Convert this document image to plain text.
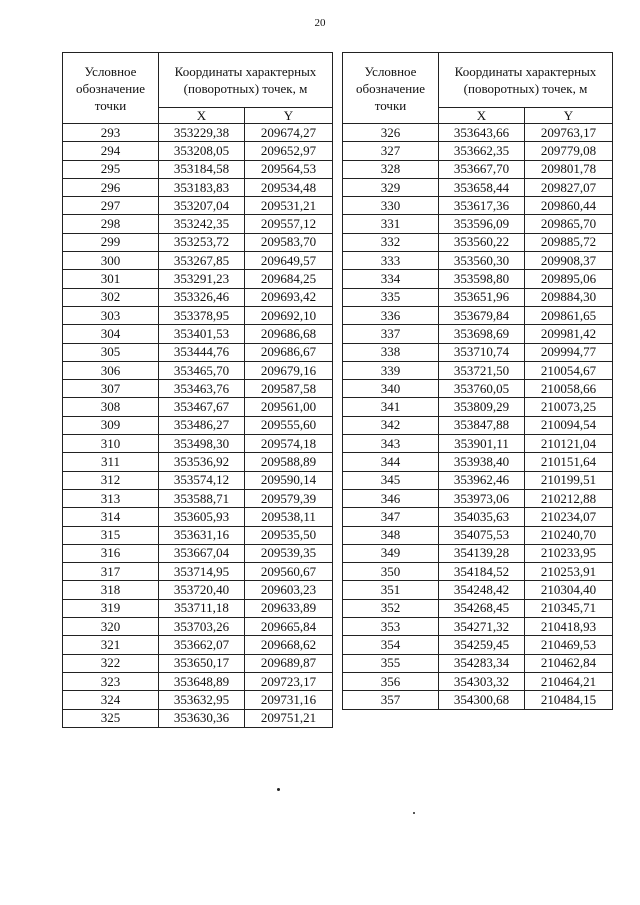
20
Условное обозначение точки	Координаты характерных (поворотных) точек, м	
	X	Y
293	353229,38	209674,27
294	353208,05	209652,97
295	353184,58	209564,53
296	353183,83	209534,48
297	353207,04	209531,21
298	353242,35	209557,12
299	353253,72	209583,70
300	353267,85	209649,57
301	353291,23	209684,25
302	353326,46	209693,42
303	353378,95	209692,10
304	353401,53	209686,68
305	353444,76	209686,67
306	353465,70	209679,16
307	353463,76	209587,58
308	353467,67	209561,00
309	353486,27	209555,60
310	353498,30	209574,18
311	353536,92	209588,89
312	353574,12	209590,14
313	353588,71	209579,39
314	353605,93	209538,11
315	353631,16	209535,50
316	353667,04	209539,35
317	353714,95	209560,67
318	353720,40	209603,23
319	353711,18	209633,89
320	353703,26	209665,84
321	353662,07	209668,62
322	353650,17	209689,87
323	353648,89	209723,17
324	353632,95	209731,16
325	353630,36	209751,21
Условное обозначение точки	Координаты характерных (поворотных) точек, м	
	X	Y
326	353643,66	209763,17
327	353662,35	209779,08
328	353667,70	209801,78
329	353658,44	209827,07
330	353617,36	209860,44
331	353596,09	209865,70
332	353560,22	209885,72
333	353560,30	209908,37
334	353598,80	209895,06
335	353651,96	209884,30
336	353679,84	209861,65
337	353698,69	209981,42
338	353710,74	209994,77
339	353721,50	210054,67
340	353760,05	210058,66
341	353809,29	210073,25
342	353847,88	210094,54
343	353901,11	210121,04
344	353938,40	210151,64
345	353962,46	210199,51
346	353973,06	210212,88
347	354035,63	210234,07
348	354075,53	210240,70
349	354139,28	210233,95
350	354184,52	210253,91
351	354248,42	210304,40
352	354268,45	210345,71
353	354271,32	210418,93
354	354259,45	210469,53
355	354283,34	210462,84
356	354303,32	210464,21
357	354300,68	210484,15
